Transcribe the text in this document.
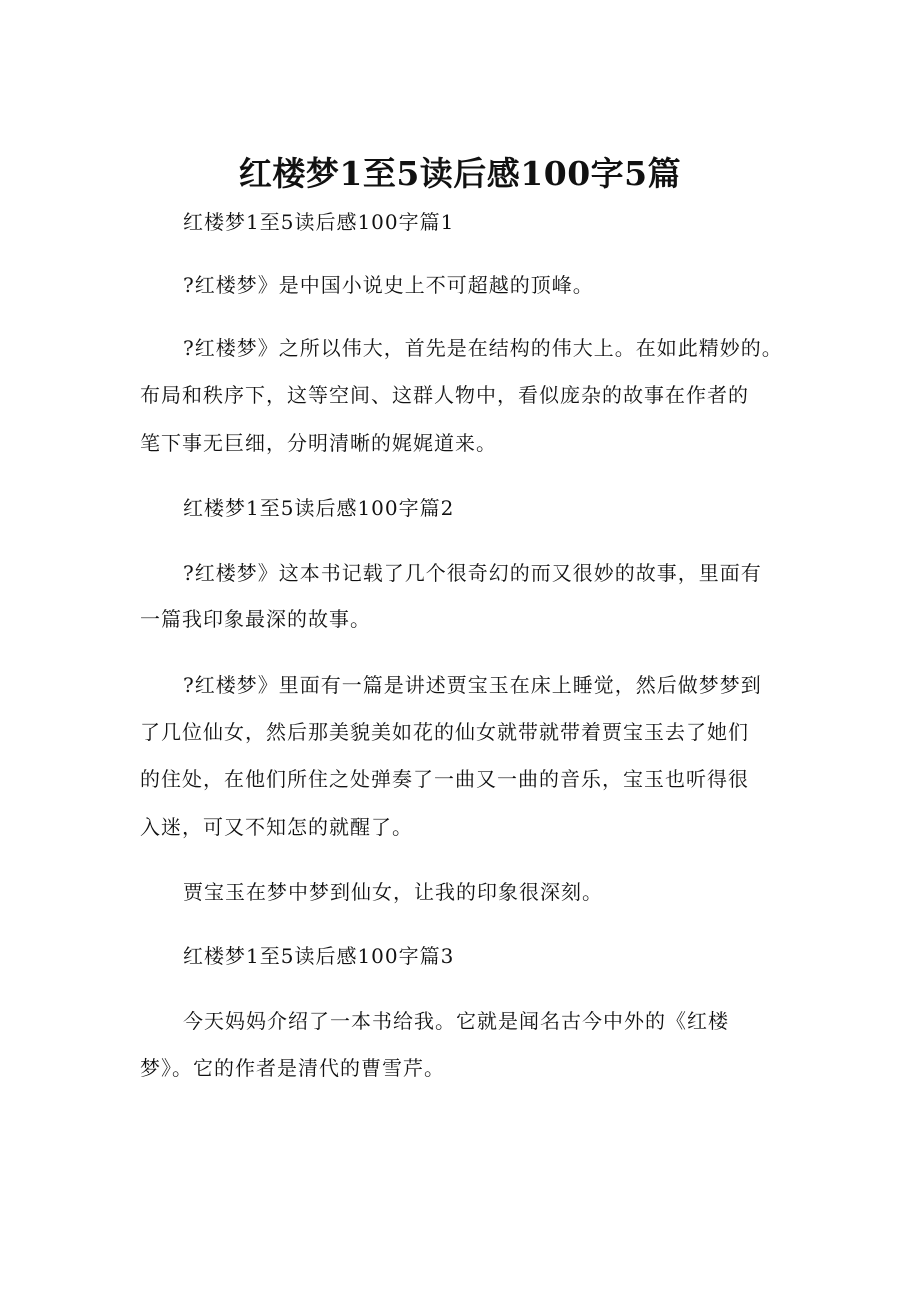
红楼梦1至5读后感100字5篇
红楼梦1至5读后感100字篇1
?红楼梦》是中国小说史上不可超越的顶峰。
?红楼梦》之所以伟大，首先是在结构的伟大上。在如此精妙的。
布局和秩序下，这等空间、这群人物中，看似庞杂的故事在作者的
笔下事无巨细，分明清晰的娓娓道来。
红楼梦1至5读后感100字篇2
?红楼梦》这本书记载了几个很奇幻的而又很妙的故事，里面有
一篇我印象最深的故事。
?红楼梦》里面有一篇是讲述贾宝玉在床上睡觉，然后做梦梦到
了几位仙女，然后那美貌美如花的仙女就带就带着贾宝玉去了她们
的住处，在他们所住之处弹奏了一曲又一曲的音乐，宝玉也听得很
入迷，可又不知怎的就醒了。
贾宝玉在梦中梦到仙女，让我的印象很深刻。
红楼梦1至5读后感100字篇3
今天妈妈介绍了一本书给我。它就是闻名古今中外的《红楼
梦》。它的作者是清代的曹雪芹。
